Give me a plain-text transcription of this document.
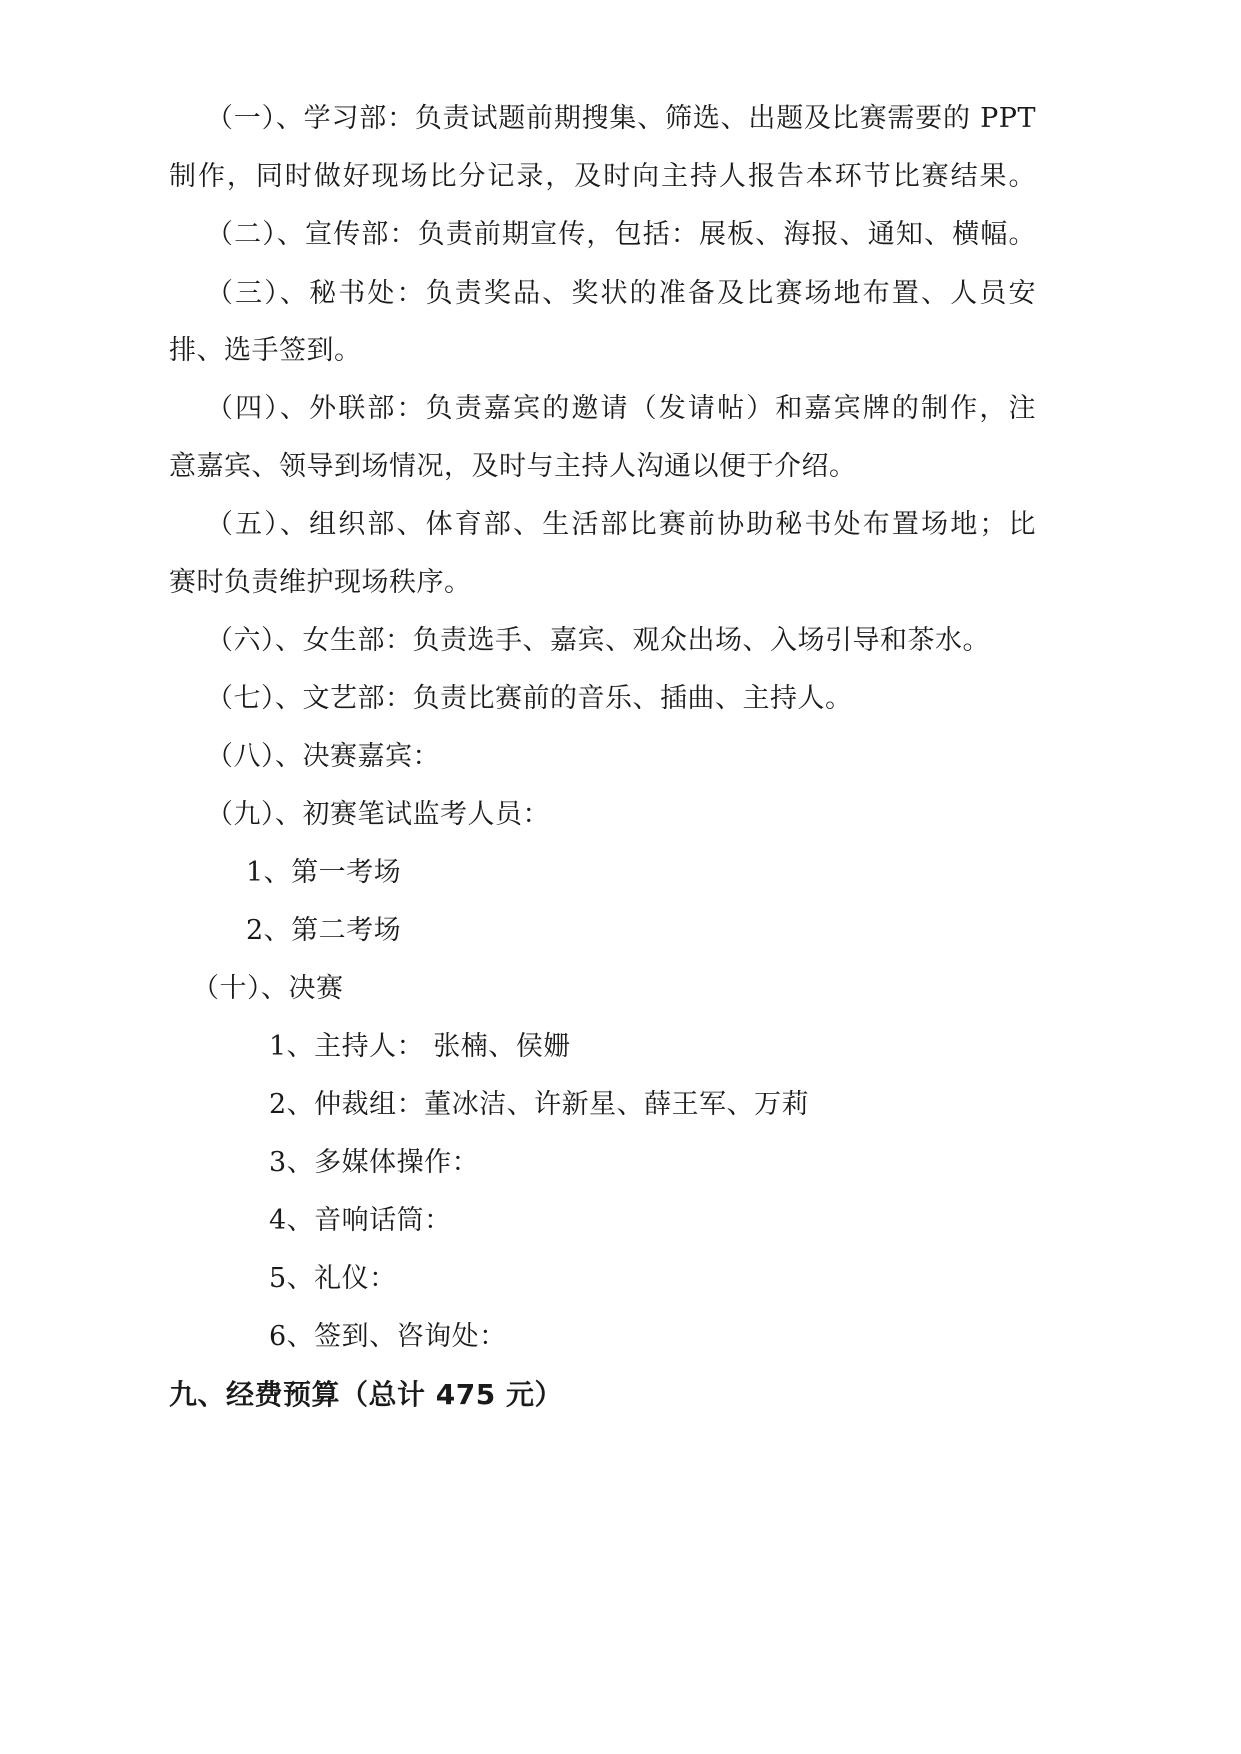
（一）、学习部：负责试题前期搜集、筛选、出题及比赛需要的 PPT
制作，同时做好现场比分记录，及时向主持人报告本环节比赛结果。
（二）、宣传部：负责前期宣传，包括：展板、海报、通知、横幅。
（三）、秘书处：负责奖品、奖状的准备及比赛场地布置、人员安
排、选手签到。
（四）、外联部：负责嘉宾的邀请（发请帖）和嘉宾牌的制作，注
意嘉宾、领导到场情况，及时与主持人沟通以便于介绍。
（五）、组织部、体育部、生活部比赛前协助秘书处布置场地；比
赛时负责维护现场秩序。
（六）、女生部：负责选手、嘉宾、观众出场、入场引导和茶水。
（七）、文艺部：负责比赛前的音乐、插曲、主持人。
（八）、决赛嘉宾：
（九）、初赛笔试监考人员：
1、第一考场
2、第二考场
（十）、决赛
1、主持人： 张楠、侯姗
2、仲裁组：董冰洁、许新星、薛王军、万莉
3、多媒体操作：
4、音响话筒：
5、礼仪：
6、签到、咨询处：
九、经费预算（总计 475 元）
